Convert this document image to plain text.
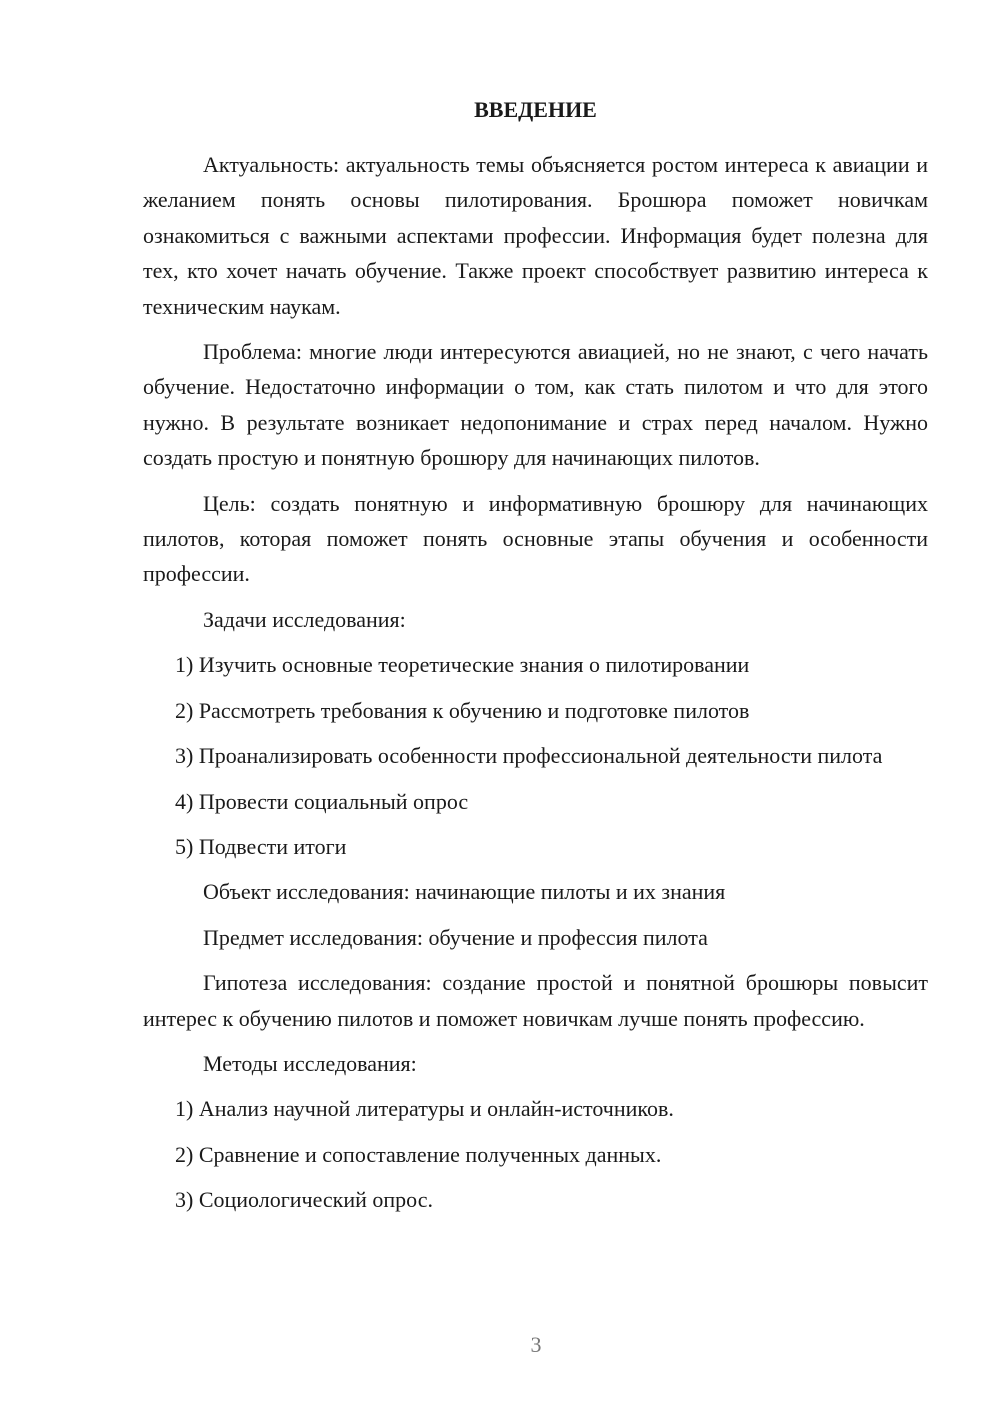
ВВЕДЕНИЕ

Актуальность: актуальность темы объясняется ростом интереса к авиации и желанием понять основы пилотирования. Брошюра поможет новичкам ознакомиться с важными аспектами профессии. Информация будет полезна для тех, кто хочет начать обучение. Также проект способствует развитию интереса к техническим наукам.

Проблема: многие люди интересуются авиацией, но не знают, с чего начать обучение. Недостаточно информации о том, как стать пилотом и что для этого нужно. В результате возникает недопонимание и страх перед началом. Нужно создать простую и понятную брошюру для начинающих пилотов.

Цель: создать понятную и информативную брошюру для начинающих пилотов, которая поможет понять основные этапы обучения и особенности профессии.

Задачи исследования:

1) Изучить основные теоретические знания о пилотировании

2) Рассмотреть требования к обучению и подготовке пилотов

3) Проанализировать особенности профессиональной деятельности пилота

4) Провести социальный опрос

5) Подвести итоги

Объект исследования: начинающие пилоты и их знания

Предмет исследования: обучение и профессия пилота

Гипотеза исследования: создание простой и понятной брошюры повысит интерес к обучению пилотов и поможет новичкам лучше понять профессию.

Методы исследования:

1) Анализ научной литературы и онлайн-источников.

2) Сравнение и сопоставление полученных данных.

3) Социологический опрос.

3
